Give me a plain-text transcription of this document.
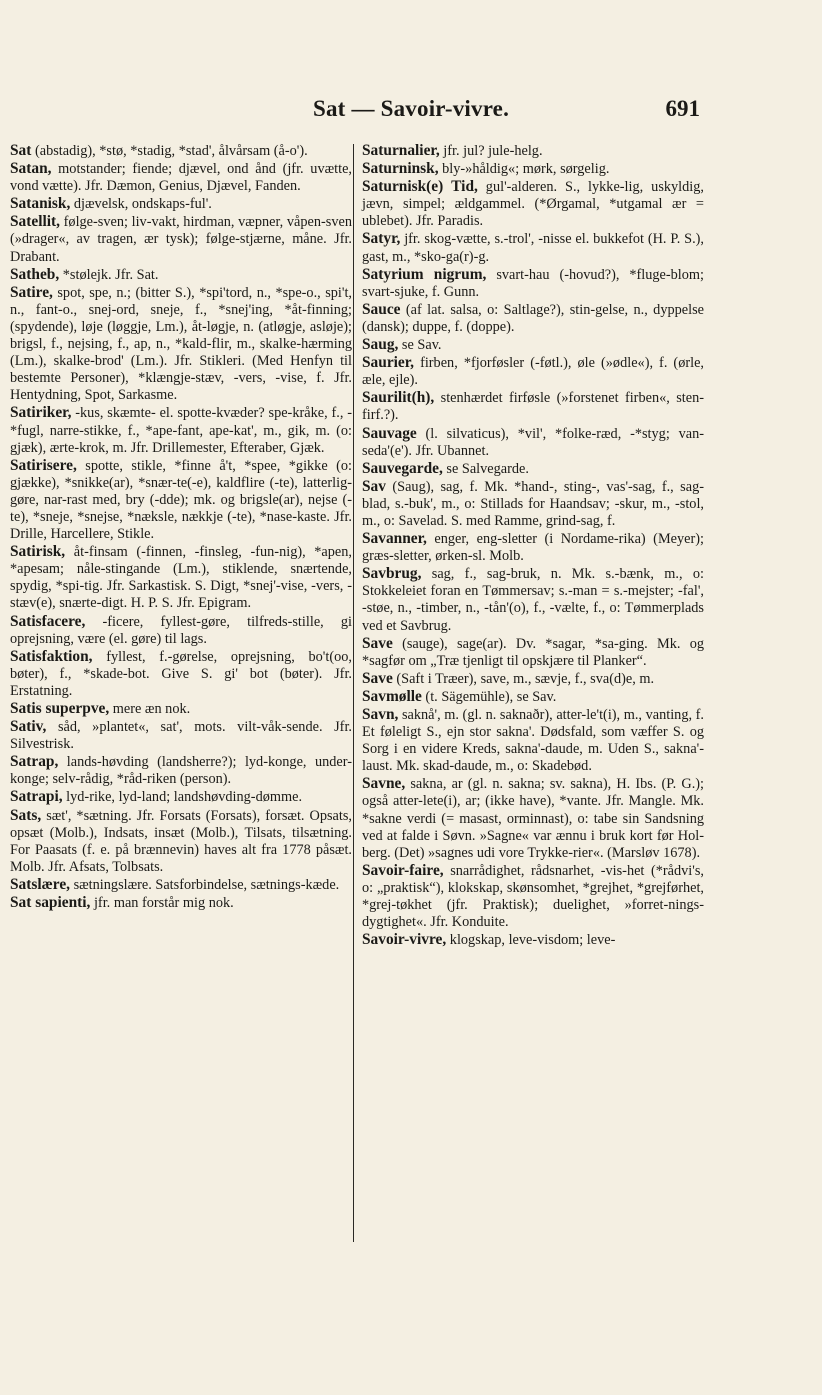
Sat — Savoir-vivre.	691

Sat (abstadig), *stø, *stadig, *stad', ålvårsam (å-o').

Satan, motstander; fiende; djævel, ond ånd (jfr. uvætte, vond vætte). Jfr. Dæmon, Genius, Djævel, Fanden.

Satanisk, djævelsk, ondskaps-ful'.

Satellit, følge-sven; liv-vakt, hirdman, væpner, våpen-sven (»drager«, av tragen, ær tysk); følge-stjærne, måne. Jfr. Drabant.

Satheb, *stølejk. Jfr. Sat.

Satire, spot, spe, n.; (bitter S.), *spi'tord, n., *spe-o., spi't, n., fant-o., snej-ord, sneje, f., *snej'ing, *åt-finning; (spydende), løje (løggje, Lm.), åt-løgje, n. (atløgje, asløje); brigsl, f., nejsing, f., ap, n., *kald-flir, m., skalke-hærming (Lm.), skalke-brod' (Lm.). Jfr. Stikleri. (Med Henfyn til bestemte Personer), *klængje-stæv, -vers, -vise, f. Jfr. Hentydning, Spot, Sarkasme.

Satiriker, -kus, skæmte- el. spotte-kvæder? spe-kråke, f., -*fugl, narre-stikke, f., *ape-fant, ape-kat', m., gik, m. (o: gjæk), ærte-krok, m. Jfr. Drillemester, Efteraber, Gjæk.

Satirisere, spotte, stikle, *finne å't, *spee, *gikke (o: gjække), *snikke(ar), *snær-te(-e), kaldflire (-te), latterlig-gøre, nar-rast med, bry (-dde); mk. og brigsle(ar), nejse (-te), *sneje, *snejse, *nækslе, nækkje (-te), *nase-kaste. Jfr. Drille, Harcellere, Stikle.

Satirisk, åt-finsam (-finnen, -finsleg, -fun-nig), *apen, *apesam; nåle-stingande (Lm.), stiklende, snærtende, spydig, *spi-tig. Jfr. Sarkastisk. S. Digt, *snej'-vise, -vers, -stæv(e), snærte-digt. H. P. S. Jfr. Epigram.

Satisfacere, -ficere, fyllest-gøre, tilfreds-stille, gi oprejsning, være (el. gøre) til lags.

Satisfaktion, fyllest, f.-gørelse, oprejsning, bo't(oo, bøter), f., *skade-bot. Give S. gi' bot (bøter). Jfr. Erstatning.

Satis superpve, mere æn nok.

Sativ, såd, »plantet«, sat', mots. vilt-våk-sende. Jfr. Silvestrisk.

Satrap, lands-høvding (landsherre?); lyd-konge, under-konge; selv-rådig, *råd-riken (person).

Satrapi, lyd-rike, lyd-land; landshøvding-dømme.

Sats, sæt', *sætning. Jfr. Forsats (Forsats), forsæt. Opsats, opsæt (Molb.), Indsats, insæt (Molb.), Tilsats, tilsætning. For Paasats (f. e. på brænnevin) haves alt fra 1778 påsæt. Molb. Jfr. Afsats, Tolbsats.

Satslære, sætningslære. Satsforbindelse, sætnings-kæde.

Sat sapienti, jfr. man forstår mig nok.

Saturnalier, jfr. jul? jule-helg.

Saturninsk, bly-»håldig«; mørk, sørgelig.

Saturnisk(e) Tid, gul'-alderen. S., lykke-lig, uskyldig, jævn, simpel; ældgammel. (*Ørgamal, *utgamal ær = ublebet). Jfr. Paradis.

Satyr, jfr. skog-vætte, s.-trol', -nisse el. bukkefot (H. P. S.), gast, m., *sko-ga(r)-g.

Satyrium nigrum, svart-hau (-hovud?), *fluge-blom; svart-sjuke, f. Gunn.

Sauce (af lat. salsa, o: Saltlage?), stin-gelse, n., dyppelse (dansk); duppe, f. (doppe).

Saug, se Sav.

Saurier, firben, *fjorføsler (-føtl.), øle (»ødle«), f. (ørle, æle, ejle).

Saurilit(h), stenhærdet firføsle (»forstenet firben«, sten-firf.?).

Sauvage (l. silvaticus), *vil', *folke-ræd, -*styg; van-seda'(e'). Jfr. Ubannet.

Sauvegarde, se Salvegarde.

Sav (Saug), sag, f. Mk. *hand-, sting-, vas'-sag, f., sag-blad, s.-buk', m., o: Stillads for Haandsav; -skur, m., -stol, m., o: Savelad. S. med Ramme, grind-sag, f.

Savanner, enger, eng-sletter (i Nordame-rika) (Meyer); græs-sletter, ørken-sl. Molb.

Savbrug, sag, f., sag-bruk, n. Mk. s.-bænk, m., o: Stokkeleiet foran en Tømmersav; s.-man = s.-mejster; -fal', -støe, n., -timber, n., -tån'(o), f., -vælte, f., o: Tømmerplads ved et Savbrug.

Save (sauge), sage(ar). Dv. *sagar, *sa-ging. Mk. og *sagfør om „Træ tjenligt til opskjære til Planker“.

Save (Saft i Træer), save, m., sævje, f., sva(d)e, m.

Savmølle (t. Sägemühle), se Sav.

Savn, saknå', m. (gl. n. saknaðr), atter-le't(i), m., vanting, f. Et føleligt S., ejn stor sakna'. Dødsfald, som væffer S. og Sorg i en videre Kreds, sakna'-daude, m. Uden S., sakna'-laust. Mk. skad-daude, m., o: Skadebød.

Savne, sakna, ar (gl. n. sakna; sv. sakna), H. Ibs. (P. G.); også atter-lete(i), ar; (ikke have), *vante. Jfr. Mangle. Mk. *sakne verdi (= masast, orminnast), o: tabe sin Sandsning ved at falde i Søvn. »Sagne« var ænnu i bruk kort før Hol-berg. (Det) »sagnes udi vore Trykke-rier«. (Marsløv 1678).

Savoir-faire, snarrådighet, rådsnarhet, -vis-het (*rådvi's, o: „praktisk“), klokskap, skønsomhet, *grejhet, *grejførhet, *grej-tøkhet (jfr. Praktisk); duelighet, »forret-nings-dygtighet«. Jfr. Konduite.

Savoir-vivre, klogskap, leve-visdom; leve-
